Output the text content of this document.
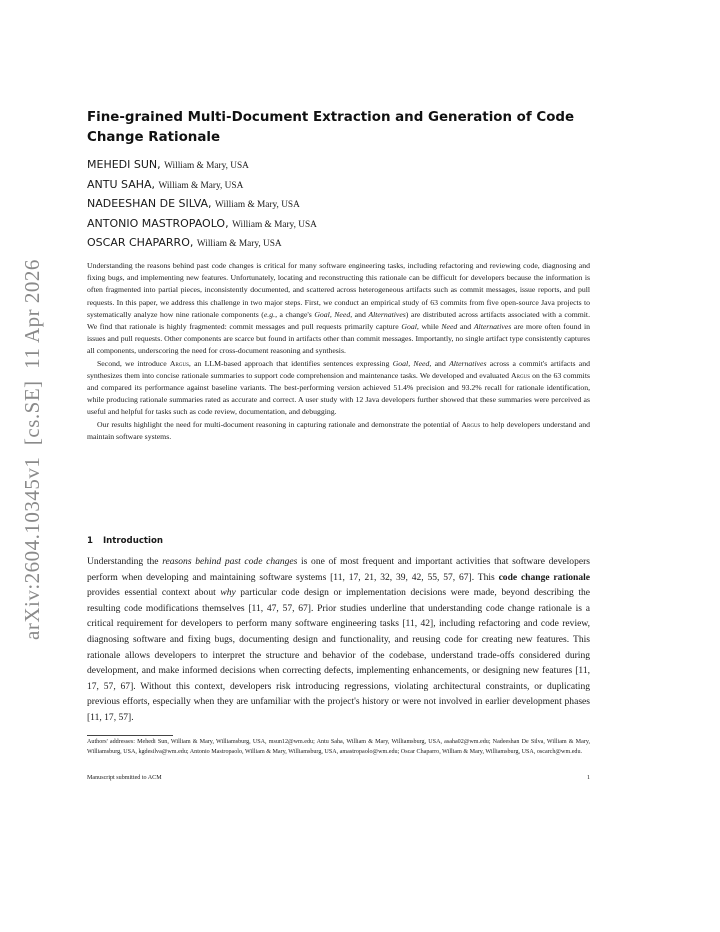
arXiv:2604.10345v1  [cs.SE]  11 Apr 2026
Fine-grained Multi-Document Extraction and Generation of Code Change Rationale
MEHEDI SUN, William & Mary, USA
ANTU SAHA, William & Mary, USA
NADEESHAN DE SILVA, William & Mary, USA
ANTONIO MASTROPAOLO, William & Mary, USA
OSCAR CHAPARRO, William & Mary, USA

Understanding the reasons behind past code changes is critical for many software engineering tasks, including refactoring and reviewing code, diagnosing and fixing bugs, and implementing new features. Unfortunately, locating and reconstructing this rationale can be difficult for developers because the information is often fragmented into partial pieces, inconsistently documented, and scattered across heterogeneous artifacts such as commit messages, issue reports, and pull requests. In this paper, we address this challenge in two major steps. First, we conduct an empirical study of 63 commits from five open-source Java projects to systematically analyze how nine rationale components (e.g., a change's Goal, Need, and Alternatives) are distributed across artifacts associated with a commit. We find that rationale is highly fragmented: commit messages and pull requests primarily capture Goal, while Need and Alternatives are more often found in issues and pull requests. Other components are scarce but found in artifacts other than commit messages. Importantly, no single artifact type consistently captures all components, underscoring the need for cross-document reasoning and synthesis.

Second, we introduce Argus, an LLM-based approach that identifies sentences expressing Goal, Need, and Alternatives across a commit's artifacts and synthesizes them into concise rationale summaries to support code comprehension and maintenance tasks. We developed and evaluated Argus on the 63 commits and compared its performance against baseline variants. The best-performing version achieved 51.4% precision and 93.2% recall for rationale identification, while producing rationale summaries rated as accurate and correct. A user study with 12 Java developers further showed that these summaries were perceived as useful and helpful for tasks such as code review, documentation, and debugging.

Our results highlight the need for multi-document reasoning in capturing rationale and demonstrate the potential of Argus to help developers understand and maintain software systems.

1 Introduction

Understanding the reasons behind past code changes is one of most frequent and important activities that software developers perform when developing and maintaining software systems [11, 17, 21, 32, 39, 42, 55, 57, 67]. This code change rationale provides essential context about why particular code design or implementation decisions were made, beyond describing the resulting code modifications themselves [11, 47, 57, 67]. Prior studies underline that understanding code change rationale is a critical requirement for developers to perform many software engineering tasks [11, 42], including refactoring and code review, diagnosing software and fixing bugs, documenting design and functionality, and reusing code for creating new features. This rationale allows developers to interpret the structure and behavior of the codebase, understand trade-offs considered during development, and make informed decisions when correcting defects, implementing enhancements, or designing new features [11, 17, 57, 67]. Without this context, developers risk introducing regressions, violating architectural constraints, or duplicating previous efforts, especially when they are unfamiliar with the project's history or were not involved in earlier development phases [11, 17, 57].

Authors' addresses: Mehedi Sun, William & Mary, Williamsburg, USA, msun12@wm.edu; Antu Saha, William & Mary, Williamsburg, USA, asaha02@wm.edu; Nadeeshan De Silva, William & Mary, Williamsburg, USA, kgdesilva@wm.edu; Antonio Mastropaolo, William & Mary, Williamsburg, USA, amastropaolo@wm.edu; Oscar Chaparro, William & Mary, Williamsburg, USA, oscarch@wm.edu.

Manuscript submitted to ACM	1
